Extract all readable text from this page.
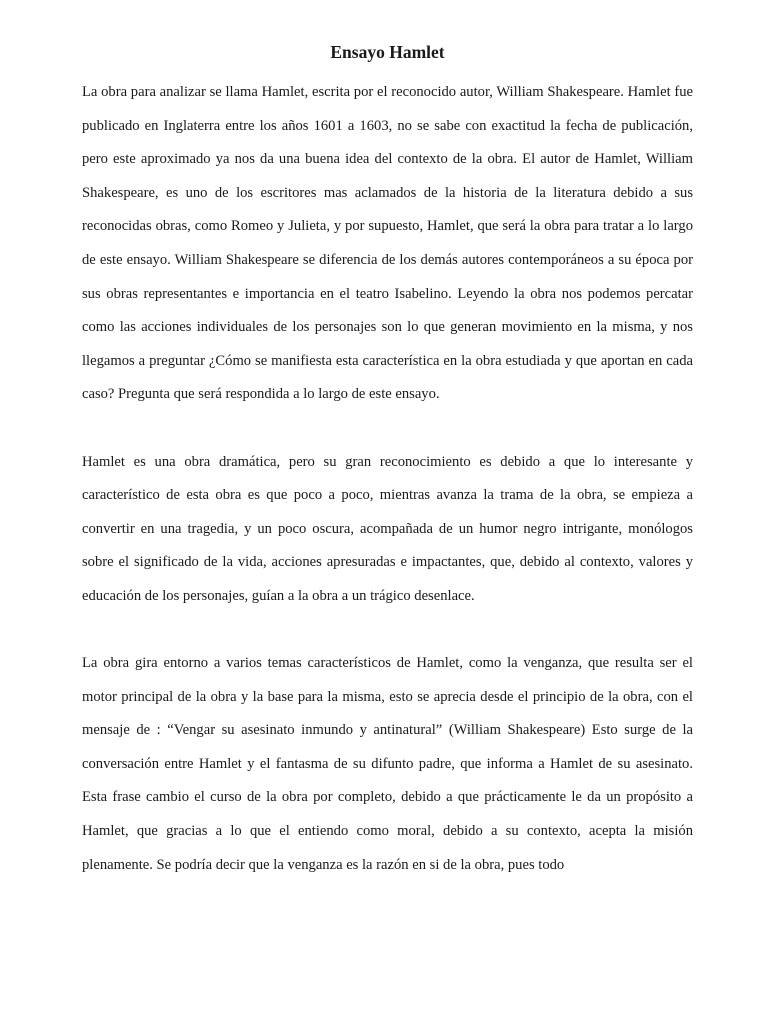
Ensayo Hamlet

La obra para analizar se llama Hamlet, escrita por el reconocido autor, William Shakespeare. Hamlet fue publicado en Inglaterra entre los años 1601 a 1603, no se sabe con exactitud la fecha de publicación, pero este aproximado ya nos da una buena idea del contexto de la obra. El autor de Hamlet, William Shakespeare, es uno de los escritores mas aclamados de la historia de la literatura debido a sus reconocidas obras, como Romeo y Julieta, y por supuesto, Hamlet, que será la obra para tratar a lo largo de este ensayo. William Shakespeare se diferencia de los demás autores contemporáneos a su época por sus obras representantes e importancia en el teatro Isabelino. Leyendo la obra nos podemos percatar como las acciones individuales de los personajes son lo que generan movimiento en la misma, y nos llegamos a preguntar ¿Cómo se manifiesta esta característica en la obra estudiada y que aportan en cada caso? Pregunta que será respondida a lo largo de este ensayo.

Hamlet es una obra dramática, pero su gran reconocimiento es debido a que lo interesante y característico de esta obra es que poco a poco, mientras avanza la trama de la obra, se empieza a convertir en una tragedia, y un poco oscura, acompañada de un humor negro intrigante, monólogos sobre el significado de la vida, acciones apresuradas e impactantes, que, debido al contexto, valores y educación de los personajes, guían a la obra a un trágico desenlace.

La obra gira entorno a varios temas característicos de Hamlet, como la venganza, que resulta ser el motor principal de la obra y la base para la misma, esto se aprecia desde el principio de la obra, con el mensaje de : “Vengar su asesinato inmundo y antinatural” (William Shakespeare) Esto surge de la conversación entre Hamlet y el fantasma de su difunto padre, que informa a Hamlet de su asesinato. Esta frase cambio el curso de la obra por completo, debido a que prácticamente le da un propósito a Hamlet, que gracias a lo que el entiendo como moral, debido a su contexto, acepta la misión plenamente. Se podría decir que la venganza es la razón en si de la obra, pues todo
